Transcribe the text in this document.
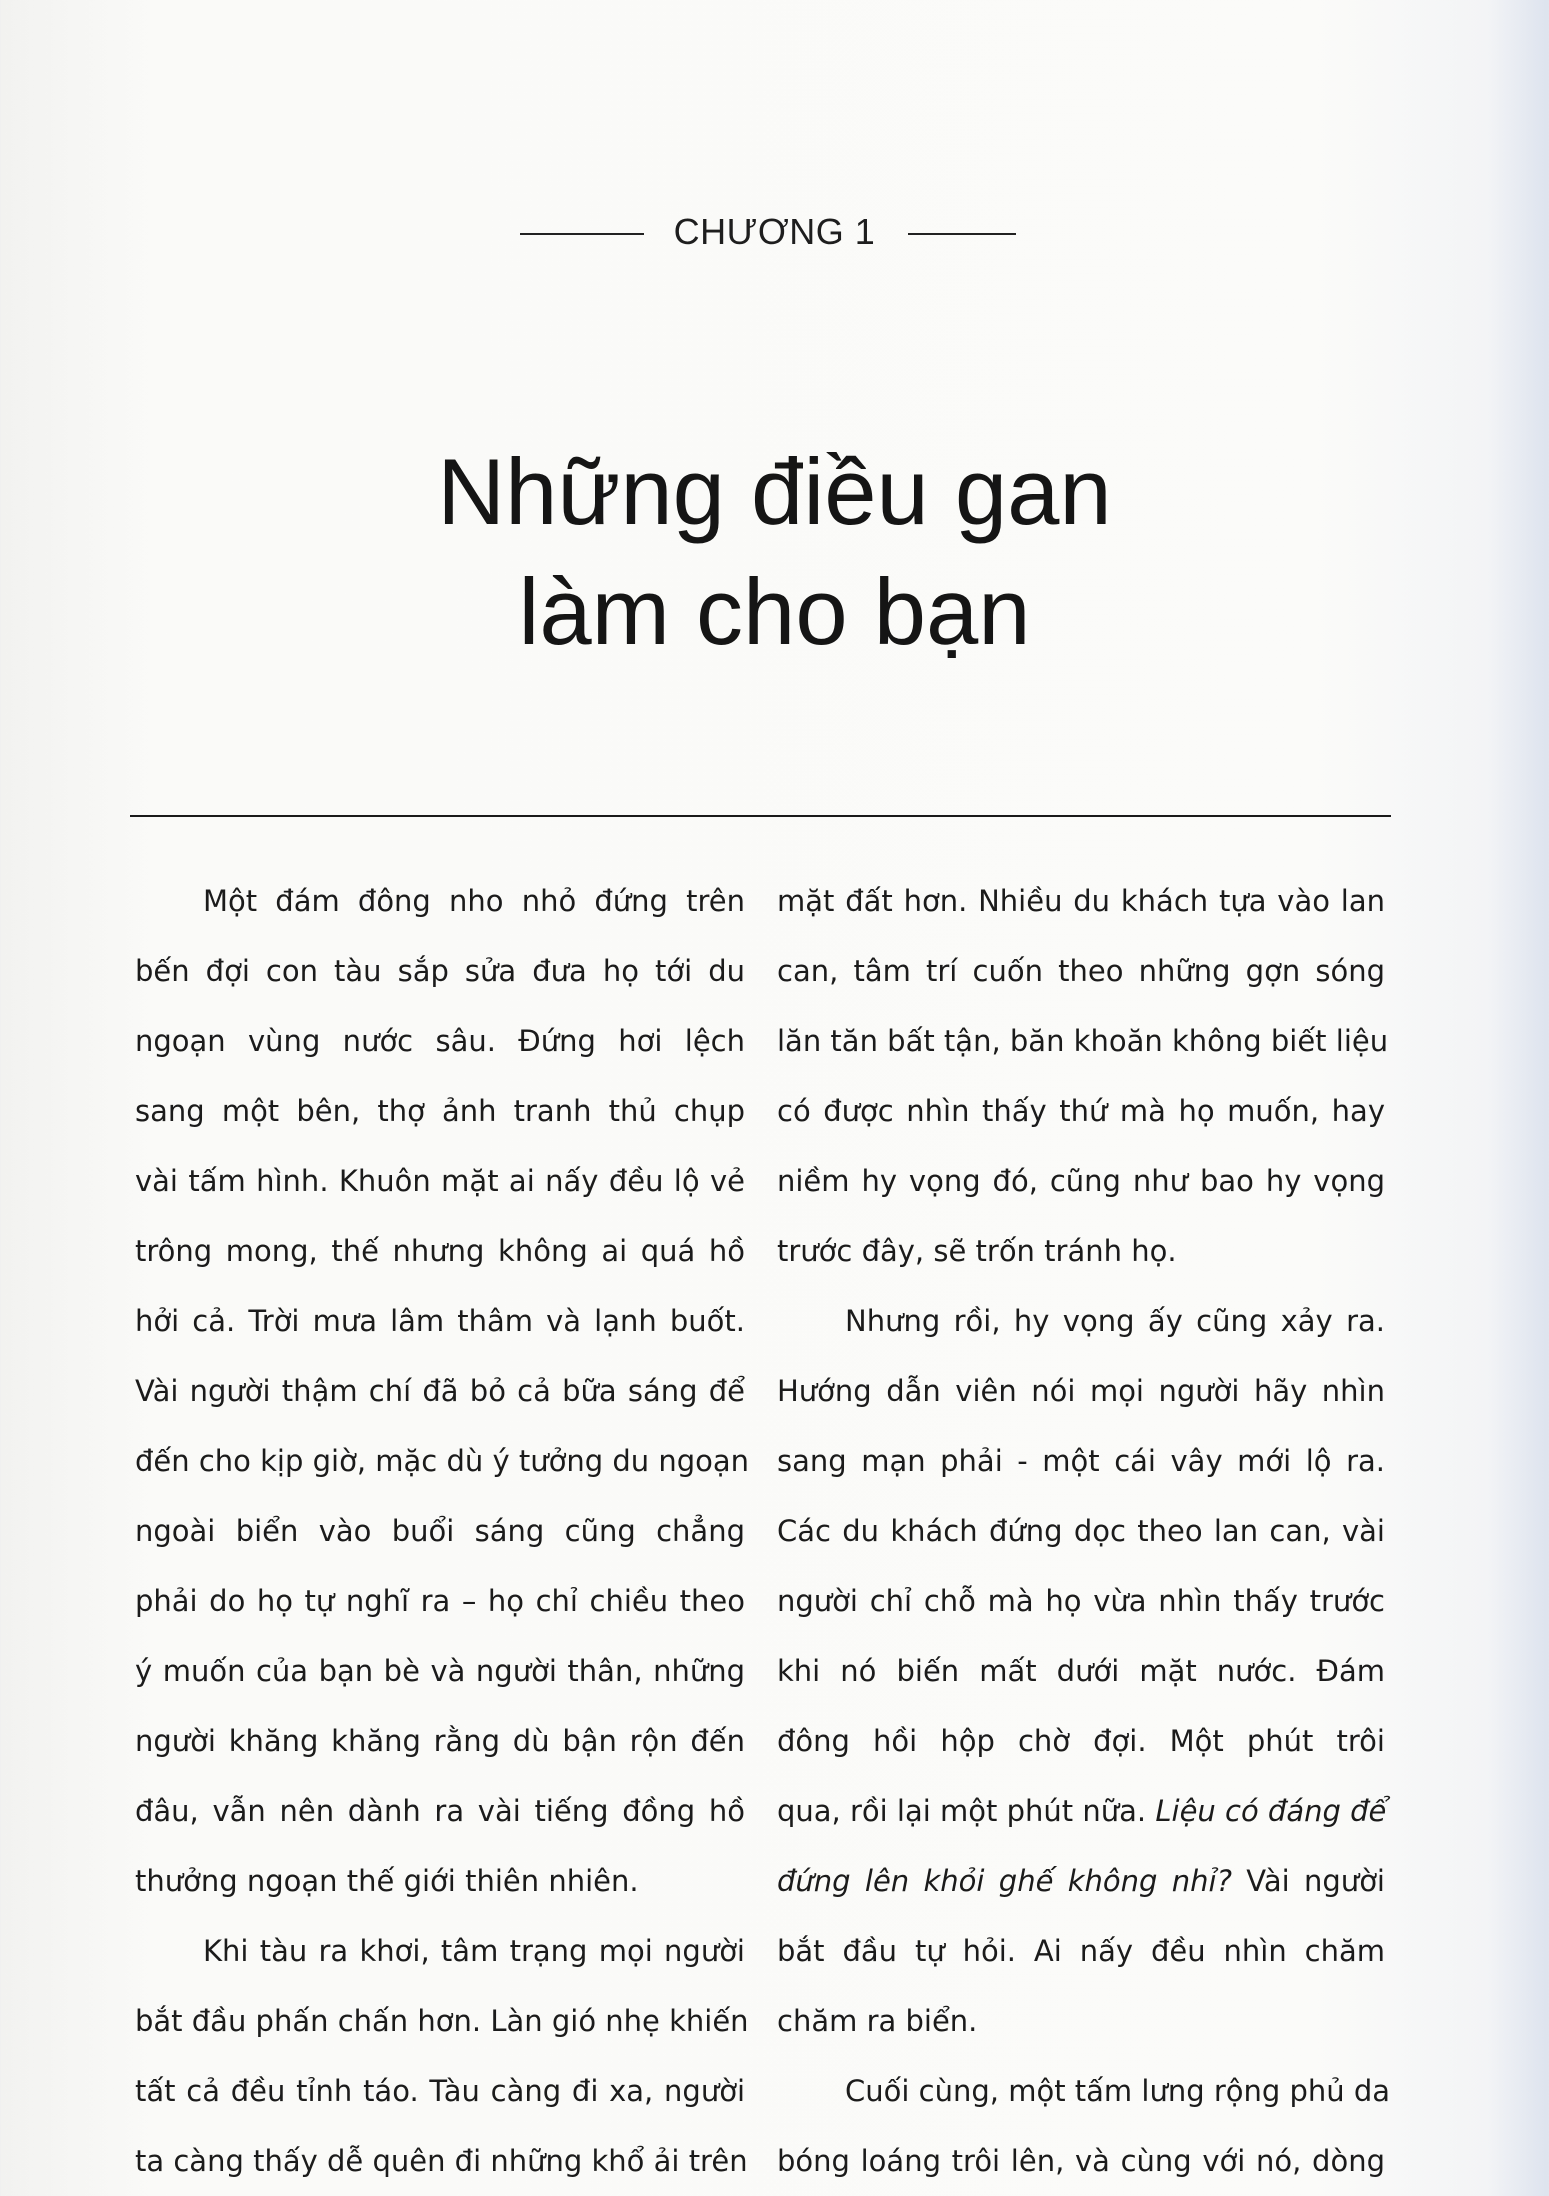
CHƯƠNG 1
Những điều gan
làm cho bạn
Một đám đông nho nhỏ đứng trên
bến đợi con tàu sắp sửa đưa họ tới du
ngoạn vùng nước sâu. Đứng hơi lệch
sang một bên, thợ ảnh tranh thủ chụp
vài tấm hình. Khuôn mặt ai nấy đều lộ vẻ
trông mong, thế nhưng không ai quá hồ
hởi cả. Trời mưa lâm thâm và lạnh buốt.
Vài người thậm chí đã bỏ cả bữa sáng để
đến cho kịp giờ, mặc dù ý tưởng du ngoạn
ngoài biển vào buổi sáng cũng chẳng
phải do họ tự nghĩ ra – họ chỉ chiều theo
ý muốn của bạn bè và người thân, những
người khăng khăng rằng dù bận rộn đến
đâu, vẫn nên dành ra vài tiếng đồng hồ
thưởng ngoạn thế giới thiên nhiên.
Khi tàu ra khơi, tâm trạng mọi người
bắt đầu phấn chấn hơn. Làn gió nhẹ khiến
tất cả đều tỉnh táo. Tàu càng đi xa, người
ta càng thấy dễ quên đi những khổ ải trên
mặt đất hơn. Nhiều du khách tựa vào lan
can, tâm trí cuốn theo những gợn sóng
lăn tăn bất tận, băn khoăn không biết liệu
có được nhìn thấy thứ mà họ muốn, hay
niềm hy vọng đó, cũng như bao hy vọng
trước đây, sẽ trốn tránh họ.
Nhưng rồi, hy vọng ấy cũng xảy ra.
Hướng dẫn viên nói mọi người hãy nhìn
sang mạn phải - một cái vây mới lộ ra.
Các du khách đứng dọc theo lan can, vài
người chỉ chỗ mà họ vừa nhìn thấy trước
khi nó biến mất dưới mặt nước. Đám
đông hồi hộp chờ đợi. Một phút trôi
qua, rồi lại một phút nữa. Liệu có đáng để
đứng lên khỏi ghế không nhỉ? Vài người
bắt đầu tự hỏi. Ai nấy đều nhìn chăm
chăm ra biển.
Cuối cùng, một tấm lưng rộng phủ da
bóng loáng trôi lên, và cùng với nó, dòng
